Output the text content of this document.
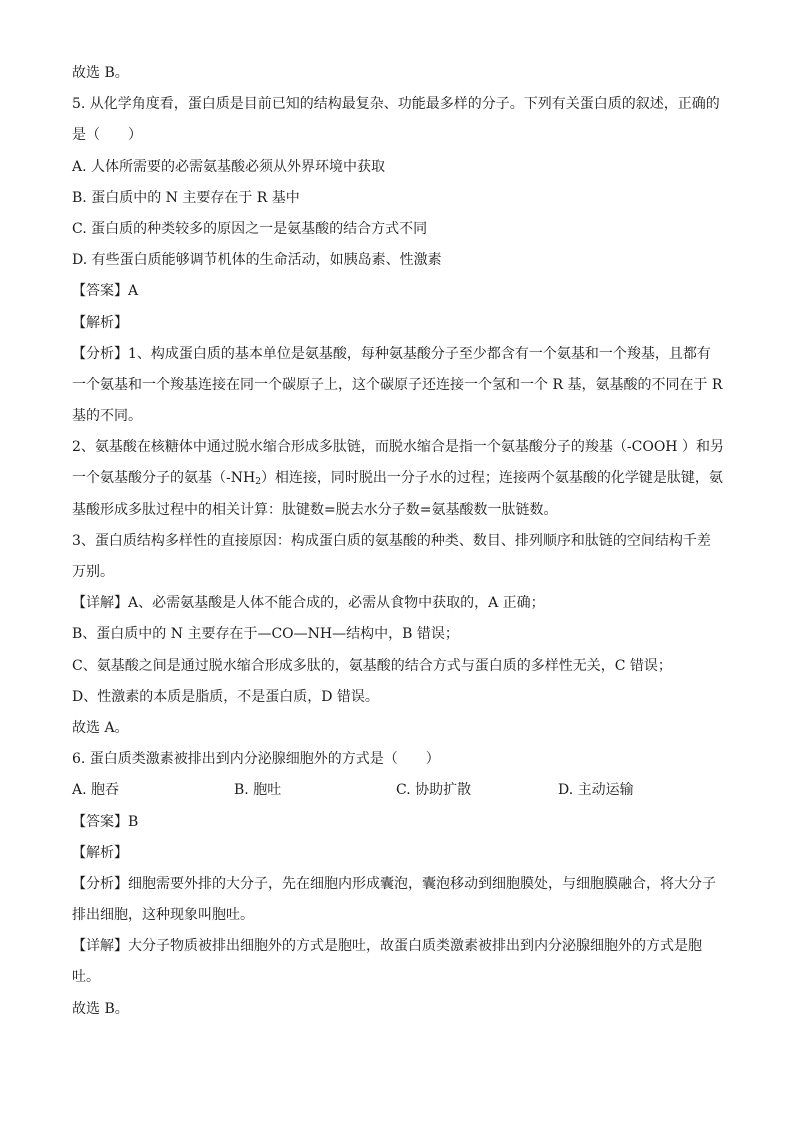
故选 B。
5. 从化学角度看，蛋白质是目前已知的结构最复杂、功能最多样的分子。下列有关蛋白质的叙述，正确的
是（　　）
A. 人体所需要的必需氨基酸必须从外界环境中获取
B. 蛋白质中的 N 主要存在于 R 基中
C. 蛋白质的种类较多的原因之一是氨基酸的结合方式不同
D. 有些蛋白质能够调节机体的生命活动，如胰岛素、性激素
【答案】A
【解析】
【分析】1、构成蛋白质的基本单位是氨基酸，每种氨基酸分子至少都含有一个氨基和一个羧基，且都有
一个氨基和一个羧基连接在同一个碳原子上，这个碳原子还连接一个氢和一个 R 基，氨基酸的不同在于 R
基的不同。
2、氨基酸在核糖体中通过脱水缩合形成多肽链，而脱水缩合是指一个氨基酸分子的羧基（-COOH ）和另
一个氨基酸分子的氨基$(-NH_2)$相连接，同时脱出一分子水的过程；连接两个氨基酸的化学键是肽键，氨
基酸形成多肽过程中的相关计算：肽键数=脱去水分子数=氨基酸数一肽链数。
3、蛋白质结构多样性的直接原因：构成蛋白质的氨基酸的种类、数目、排列顺序和肽链的空间结构千差
万别。
【详解】A、必需氨基酸是人体不能合成的，必需从食物中获取的，A 正确；
B、蛋白质中的 N 主要存在于—CO—NH—结构中，B 错误；
C、氨基酸之间是通过脱水缩合形成多肽的，氨基酸的结合方式与蛋白质的多样性无关，C 错误；
D、性激素的本质是脂质，不是蛋白质，D 错误。
故选 A。
6. 蛋白质类激素被排出到内分泌腺细胞外的方式是（　　）
A. 胞吞	B. 胞吐	C. 协助扩散	D. 主动运输
【答案】B
【解析】
【分析】细胞需要外排的大分子，先在细胞内形成囊泡，囊泡移动到细胞膜处，与细胞膜融合，将大分子
排出细胞，这种现象叫胞吐。
【详解】大分子物质被排出细胞外的方式是胞吐，故蛋白质类激素被排出到内分泌腺细胞外的方式是胞
吐。
故选 B。
